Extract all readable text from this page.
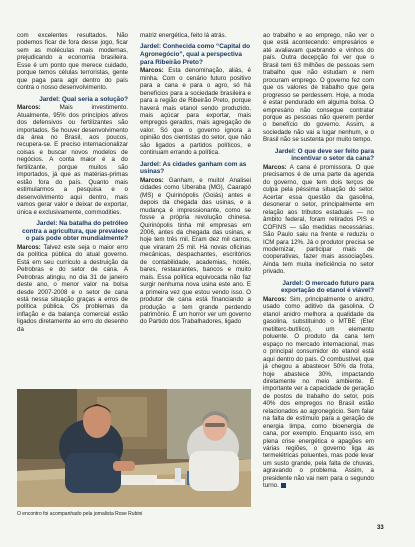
com excelentes resultados. Não podemos ficar de fora desse jogo, ficar sem as moléculas mais modernas, prejudicando a economia brasileira. Esse é um ponto que merece cuidado, porque temos células terroristas, gente que paga para agir dentro do país contra o nosso desenvolvimento.

Jardel: Qual seria a solução?

Marcos: Mais investimento. Atualmente, 95% dos princípios ativos dos defensivos ou fertilizantes são importados. Se houver desenvolvimento da área no Brasil, aos poucos, recupera-se. E preciso internacionalizar coisas e buscar novos modelos de negócios. A conta maior é a do fertilizante, porque muitos são importados, já que as matérias-primas estão fora do país. Quanto mais estimularmos a pesquisa e o desenvolvimento aqui dentro, mais vamos gerar valor e deixar de exportar, única e exclusivamente, commodities.

Jardel: Na batalha do petróleo contra a agricultura, que prevalece o país pode obter mundialmente?

Marcos: Talvez este seja o maior erro da política pública do atual governo. Está em seu currículo a destruição da Petrobras e do setor de cana. A Petrobras atingiu, no dia 31 de janeiro deste ano, o menor valor na bolsa desde 2007-2008 e o setor de cana está nessa situação graças a erros de política pública. Os problemas da inflação e da balança comercial estão ligados diretamente ao erro do desenho da

matriz energética, feito lá atrás.

Jardel: Conhecida como “Capital do Agronegócio”, qual a perspectiva para Ribeirão Preto?

Marcos: Esta denominação, aliás, é minha. Com o cenário futuro positivo para a cana e para o agro, só há benefícios para a sociedade brasileira e para a região de Ribeirão Preto, porque haverá mais etanol sendo produzido, mais açúcar para exportar, mais empregos gerados, mais agregação de valor. Só que o governo ignora a opinião dos cientistas do setor, que não são ligados a partidos políticos, e continuam errando a política.

Jardel: As cidades ganham com as usinas?

Marcos: Ganham, e muito! Analisei cidades como Uberaba (MG), Caarapó (MS) e Quirinópolis (Goiás) antes e depois da chegada das usinas, e a mudança é impressionante, como se fosse a própria revolução chinesa. Quirinópolis tinha mil empresas em 2006, antes da chegada das usinas, e hoje tem três mil. Eram dez mil carros, que viraram 25 mil. Há novas oficinas mecânicas, despachantes, escritórios de contabilidade, academias, hotéis, bares, restaurantes, bancos e muito mais. Essa política equivocada não faz surgir nenhuma nova usina este ano. E a primeira vez que estou vendo isso. O produtor de cana está financiando a produção e tem grande perdendo patrimônio. É um horror ver um governo do Partido dos Trabalhadores, ligado

ao trabalho e ao emprego, não ver o que está acontecendo: empresários e até avaliavam quebrando e vinhos do país. Outra decepção foi ver que o Brasil tem 63 milhões de pessoas sem trabalho que não estudam e nem procuram emprego. O governo fez com que os valores de trabalho que gera progresso se perdessem. Hoje, a moda é estar pendurado em alguma bolsa. O empresário não consegue contratar porque as pessoas não querem perder o benefício do governo. Assim, a sociedade não vai a lugar nenhum, e o Brasil não se sustenta por muito tempo.

Jardel: O que deve ser feito para incentivar o setor da cana?

Marcos: A cana é promissora. O que precisamos é de uma parte da agenda do governo, que tem dois terços de culpa pela péssima situação do setor. Acertar essa questão da gasolina, desonerar o setor, principalmente em relação aos tributos estaduais — no âmbito federal, foram retirados PIS e COFINS — são medidas necessárias. São Paulo saiu na frente e reduziu o ICM para 12%. Já o produtor precisa se modernizar, participar mais de cooperativas, fazer mais associações. Ainda tem muita ineficiência no setor privado.

Jardel: O mercado futuro para exportação do etanol é viável?

Marcos: Sim, principalmente o anidro, usado como aditivo da gasolina. O etanol anidro melhora a qualidade da gasolina, substituindo o MTBE (Eter metilterc-butílico), um elemento poluente. O produto da cana tem espaço no mercado internacional, mas o principal consumidor do etanol está aqui dentro do país. O combustível, que já chegou a abastecer 50% da frota, hoje abastece 30%, impactando diretamente no meio ambiente. É importante ver a capacidade de geração de postos de trabalho do setor, pois 40% dos empregos no Brasil estão relacionados ao agronegócio. Sem falar na falta de estímulo para a geração de energia limpa, como bioenergia de cana, por exemplo. Enquanto isso, em plena crise energética e apagões em várias regiões, o governo liga as termelétricas poluentes, mas pode levar um susto grande, pela falta de chuvas, agravando o problema. Assim, a presidente não vai nem para o segundo turno.

O encontro foi acompanhado pela jornalista Rose Rubini
33
